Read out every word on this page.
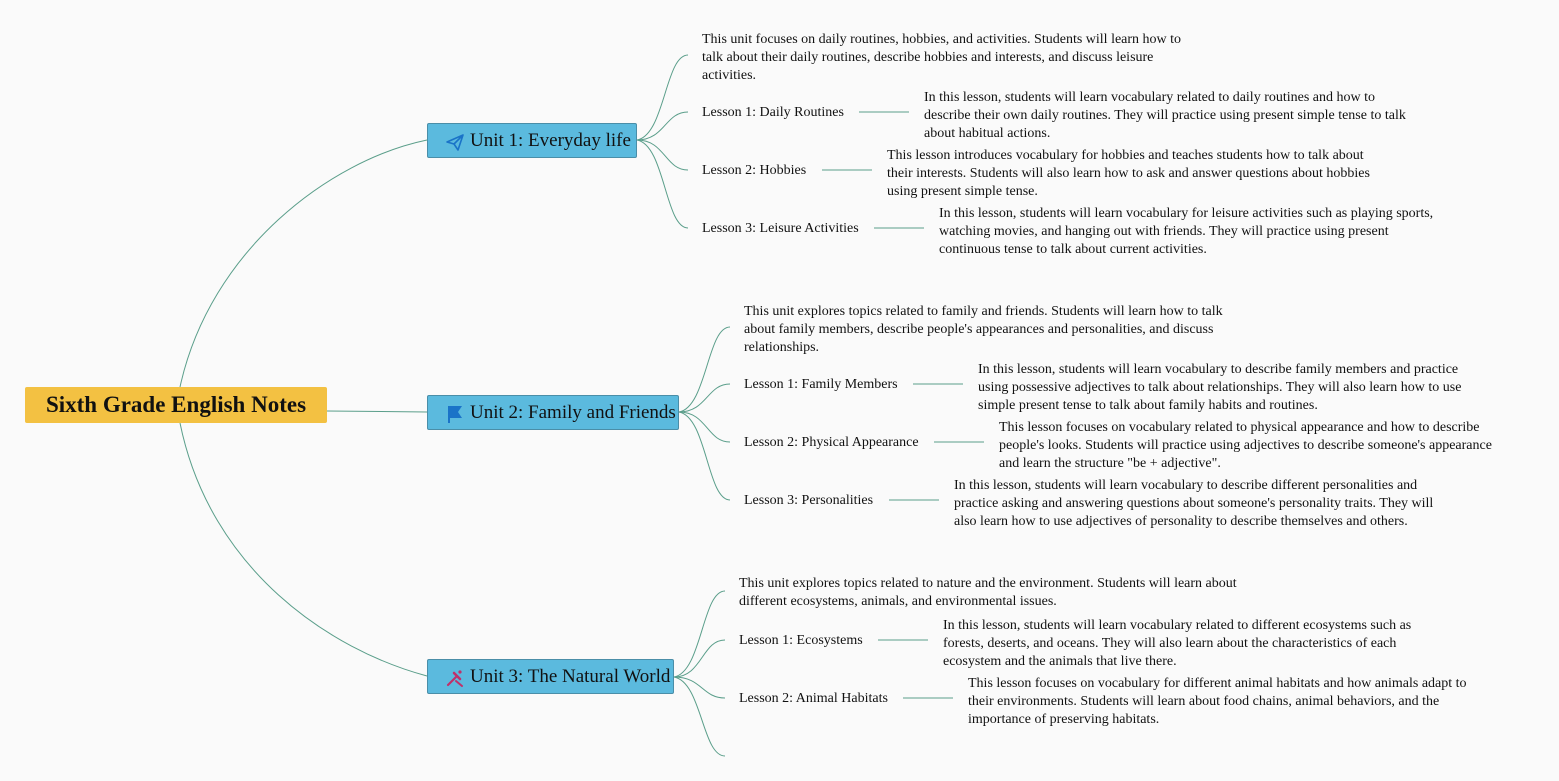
Sixth Grade English Notes
Unit 1: Everyday life
This unit focuses on daily routines, hobbies, and activities. Students will learn how to talk about their daily routines, describe hobbies and interests, and discuss leisure activities.
Lesson 1: Daily Routines
In this lesson, students will learn vocabulary related to daily routines and how to describe their own daily routines. They will practice using present simple tense to talk about habitual actions.
Lesson 2: Hobbies
This lesson introduces vocabulary for hobbies and teaches students how to talk about their interests. Students will also learn how to ask and answer questions about hobbies using present simple tense.
Lesson 3: Leisure Activities
In this lesson, students will learn vocabulary for leisure activities such as playing sports, watching movies, and hanging out with friends. They will practice using present continuous tense to talk about current activities.
Unit 2: Family and Friends
This unit explores topics related to family and friends. Students will learn how to talk about family members, describe people's appearances and personalities, and discuss relationships.
Lesson 1: Family Members
In this lesson, students will learn vocabulary to describe family members and practice using possessive adjectives to talk about relationships. They will also learn how to use simple present tense to talk about family habits and routines.
Lesson 2: Physical Appearance
This lesson focuses on vocabulary related to physical appearance and how to describe people's looks. Students will practice using adjectives to describe someone's appearance and learn the structure "be + adjective".
Lesson 3: Personalities
In this lesson, students will learn vocabulary to describe different personalities and practice asking and answering questions about someone's personality traits. They will also learn how to use adjectives of personality to describe themselves and others.
Unit 3: The Natural World
This unit explores topics related to nature and the environment. Students will learn about different ecosystems, animals, and environmental issues.
Lesson 1: Ecosystems
In this lesson, students will learn vocabulary related to different ecosystems such as forests, deserts, and oceans. They will also learn about the characteristics of each ecosystem and the animals that live there.
Lesson 2: Animal Habitats
This lesson focuses on vocabulary for different animal habitats and how animals adapt to their environments. Students will learn about food chains, animal behaviors, and the importance of preserving habitats.
